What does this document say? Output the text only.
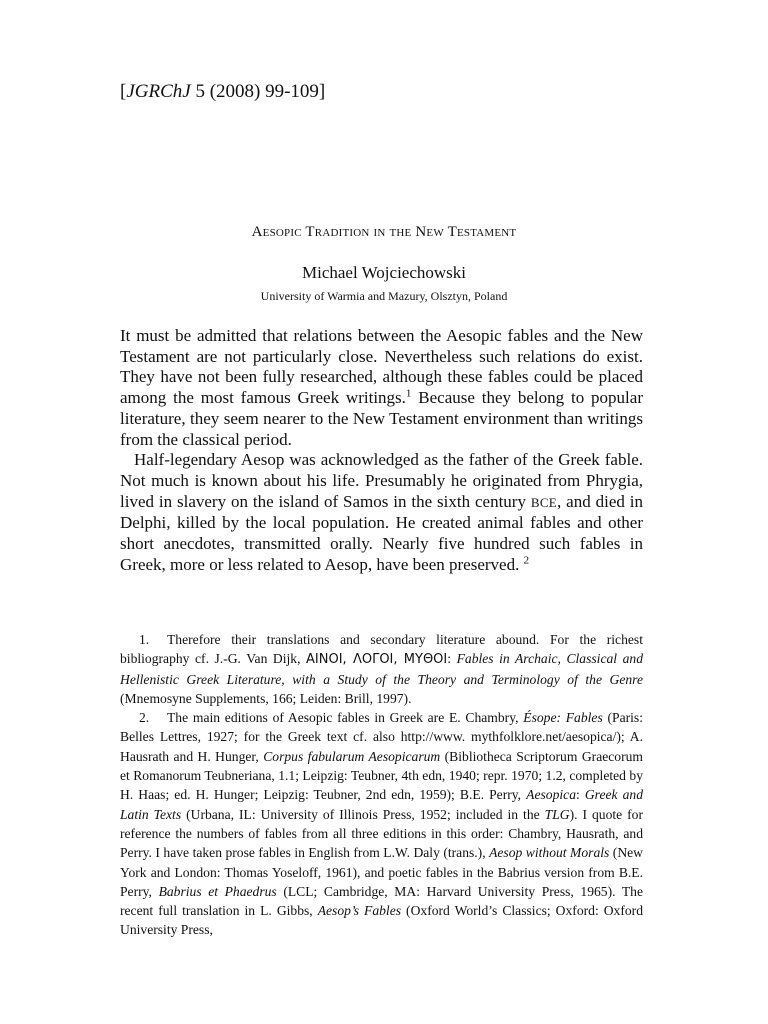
[JGRChJ 5 (2008) 99-109]
Aesopic Tradition in the New Testament
Michael Wojciechowski
University of Warmia and Mazury, Olsztyn, Poland

It must be admitted that relations between the Aesopic fables and the New Testament are not particularly close. Nevertheless such relations do exist. They have not been fully researched, although these fables could be placed among the most famous Greek writings.$^1$ Because they belong to popular literature, they seem nearer to the New Testament environment than writings from the classical period.

Half-legendary Aesop was acknowledged as the father of the Greek fable. Not much is known about his life. Presumably he originated from Phrygia, lived in slavery on the island of Samos in the sixth century BCE, and died in Delphi, killed by the local population. He created animal fables and other short anecdotes, transmitted orally. Nearly five hundred such fables in Greek, more or less related to Aesop, have been preserved. $^2$

1. Therefore their translations and secondary literature abound. For the richest bibliography cf. J.-G. Van Dijk, ΑΙΝΟΙ, ΛΟΓΟΙ, ΜΥΘΟΙ: Fables in Archaic, Classical and Hellenistic Greek Literature, with a Study of the Theory and Terminology of the Genre (Mnemosyne Supplements, 166; Leiden: Brill, 1997).

2. The main editions of Aesopic fables in Greek are E. Chambry, Ésope: Fables (Paris: Belles Lettres, 1927; for the Greek text cf. also http://www. mythfolklore.net/aesopica/); A. Hausrath and H. Hunger, Corpus fabularum Aesopicarum (Bibliotheca Scriptorum Graecorum et Romanorum Teubneriana, 1.1; Leipzig: Teubner, 4th edn, 1940; repr. 1970; 1.2, completed by H. Haas; ed. H. Hunger; Leipzig: Teubner, 2nd edn, 1959); B.E. Perry, Aesopica: Greek and Latin Texts (Urbana, IL: University of Illinois Press, 1952; included in the TLG). I quote for reference the numbers of fables from all three editions in this order: Chambry, Hausrath, and Perry. I have taken prose fables in English from L.W. Daly (trans.), Aesop without Morals (New York and London: Thomas Yoseloff, 1961), and poetic fables in the Babrius version from B.E. Perry, Babrius et Phaedrus (LCL; Cambridge, MA: Harvard University Press, 1965). The recent full translation in L. Gibbs, Aesop’s Fables (Oxford World’s Classics; Oxford: Oxford University Press,
